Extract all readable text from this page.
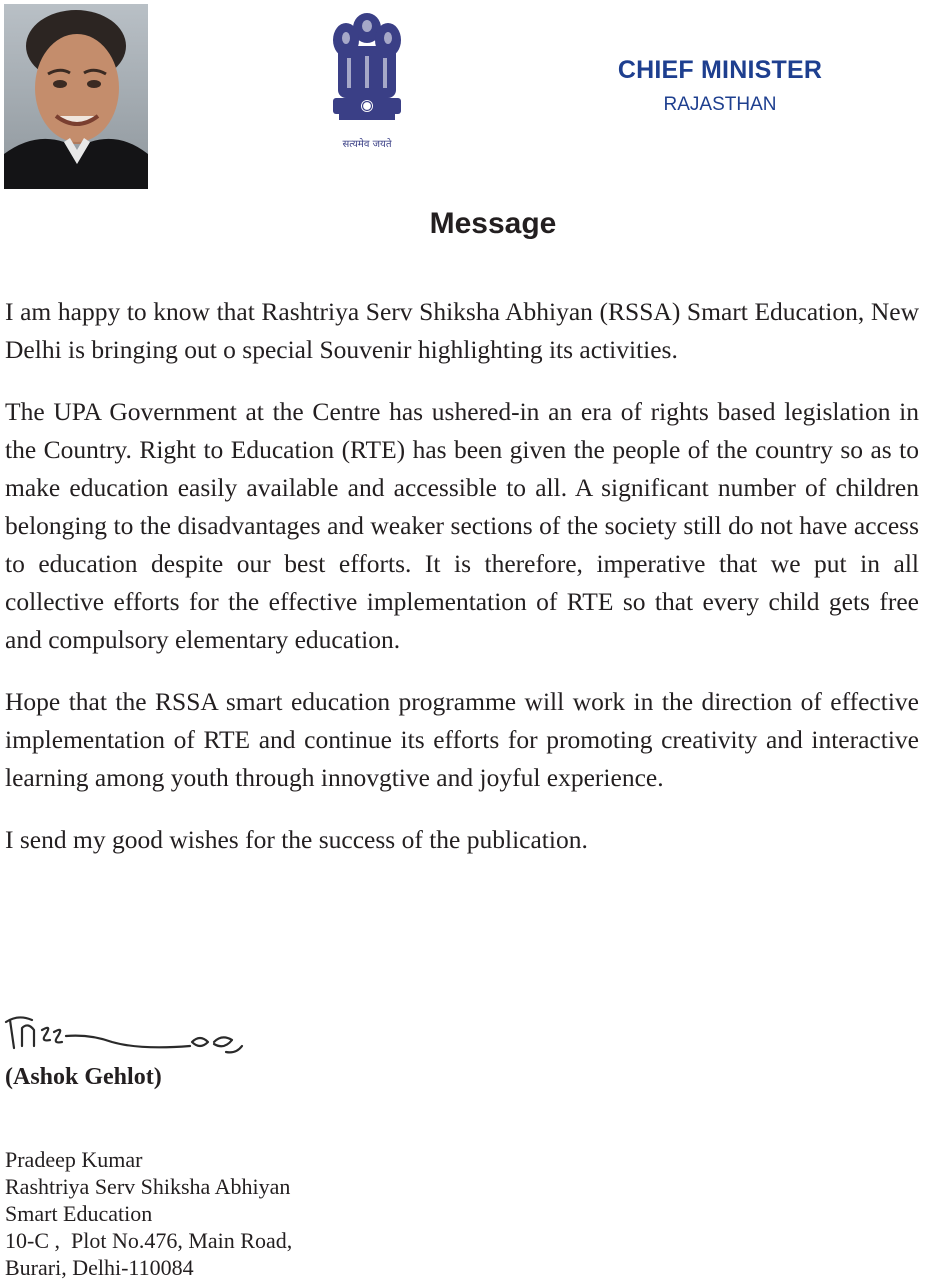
सत्यमेव जयते
CHIEF MINISTER
RAJASTHAN
Message

I am happy to know that Rashtriya Serv Shiksha Abhiyan (RSSA) Smart Education, New Delhi is bringing out o special Souvenir highlighting its activities.

The UPA Government at the Centre has ushered-in an era of rights based legislation in the Country. Right to Education (RTE) has been given the people of the country so as to make education easily available and accessible to all. A significant number of children belonging to the disadvantages and weaker sections of the society still do not have access to education despite our best efforts. It is therefore, imperative that we put in all collective efforts for the effective implementation of RTE so that every child gets free and compulsory elementary education.

Hope that the RSSA smart education programme will work in the direction of effective implementation of RTE and continue its efforts for promoting creativity and interactive learning among youth through innovgtive and joyful experience.

I send my good wishes for the success of the publication.

(Ashok Gehlot)
Pradeep Kumar
Rashtriya Serv Shiksha Abhiyan
Smart Education
10-C ,  Plot No.476, Main Road,
Burari, Delhi-110084
